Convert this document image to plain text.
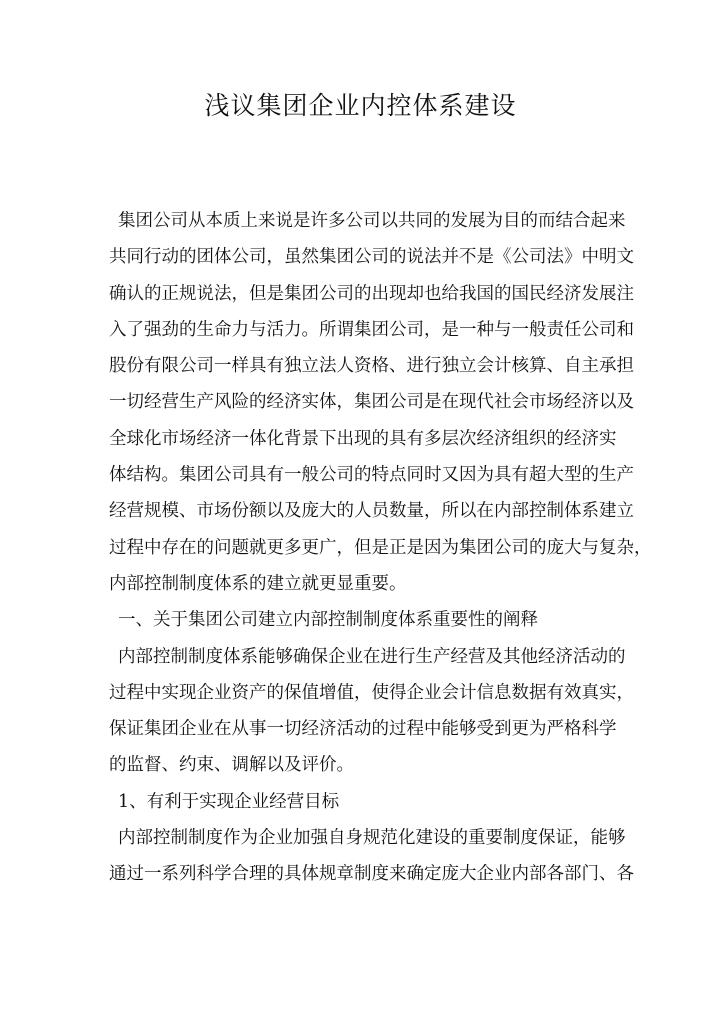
浅议集团企业内控体系建设
集团公司从本质上来说是许多公司以共同的发展为目的而结合起来
共同行动的团体公司，虽然集团公司的说法并不是《公司法》中明文
确认的正规说法，但是集团公司的出现却也给我国的国民经济发展注
入了强劲的生命力与活力。所谓集团公司，是一种与一般责任公司和
股份有限公司一样具有独立法人资格、进行独立会计核算、自主承担
一切经营生产风险的经济实体，集团公司是在现代社会市场经济以及
全球化市场经济一体化背景下出现的具有多层次经济组织的经济实
体结构。集团公司具有一般公司的特点同时又因为具有超大型的生产
经营规模、市场份额以及庞大的人员数量，所以在内部控制体系建立
过程中存在的问题就更多更广，但是正是因为集团公司的庞大与复杂，
内部控制制度体系的建立就更显重要。
一、关于集团公司建立内部控制制度体系重要性的阐释
内部控制制度体系能够确保企业在进行生产经营及其他经济活动的
过程中实现企业资产的保值增值，使得企业会计信息数据有效真实，
保证集团企业在从事一切经济活动的过程中能够受到更为严格科学
的监督、约束、调解以及评价。
1、有利于实现企业经营目标
内部控制制度作为企业加强自身规范化建设的重要制度保证，能够
通过一系列科学合理的具体规章制度来确定庞大企业内部各部门、各
